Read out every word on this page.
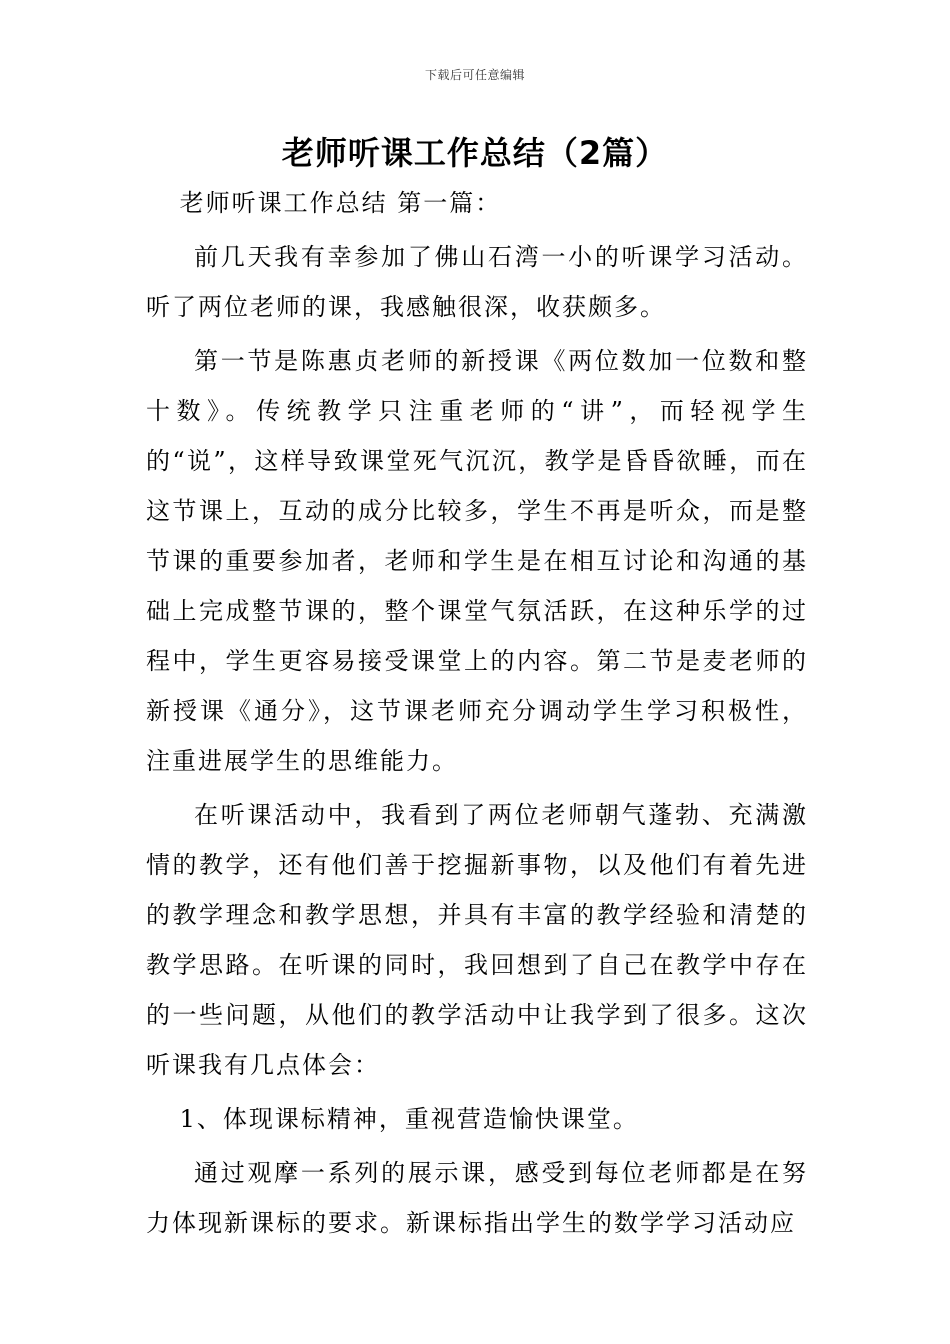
下载后可任意编辑
老师听课工作总结（2篇）

老师听课工作总结 第一篇：

前几天我有幸参加了佛山石湾一小的听课学习活动。听了两位老师的课，我感触很深，收获颇多。

第一节是陈惠贞老师的新授课《两位数加一位数和整十数》。传统教学只注重老师的“讲”，而轻视学生的“说”，这样导致课堂死气沉沉，教学是昏昏欲睡，而在这节课上，互动的成分比较多，学生不再是听众，而是整节课的重要参加者，老师和学生是在相互讨论和沟通的基础上完成整节课的，整个课堂气氛活跃，在这种乐学的过程中，学生更容易接受课堂上的内容。第二节是麦老师的新授课《通分》，这节课老师充分调动学生学习积极性，注重进展学生的思维能力。

在听课活动中，我看到了两位老师朝气蓬勃、充满激情的教学，还有他们善于挖掘新事物，以及他们有着先进的教学理念和教学思想，并具有丰富的教学经验和清楚的教学思路。在听课的同时，我回想到了自己在教学中存在的一些问题，从他们的教学活动中让我学到了很多。这次听课我有几点体会：

1、体现课标精神，重视营造愉快课堂。

通过观摩一系列的展示课，感受到每位老师都是在努力体现新课标的要求。新课标指出学生的数学学习活动应
